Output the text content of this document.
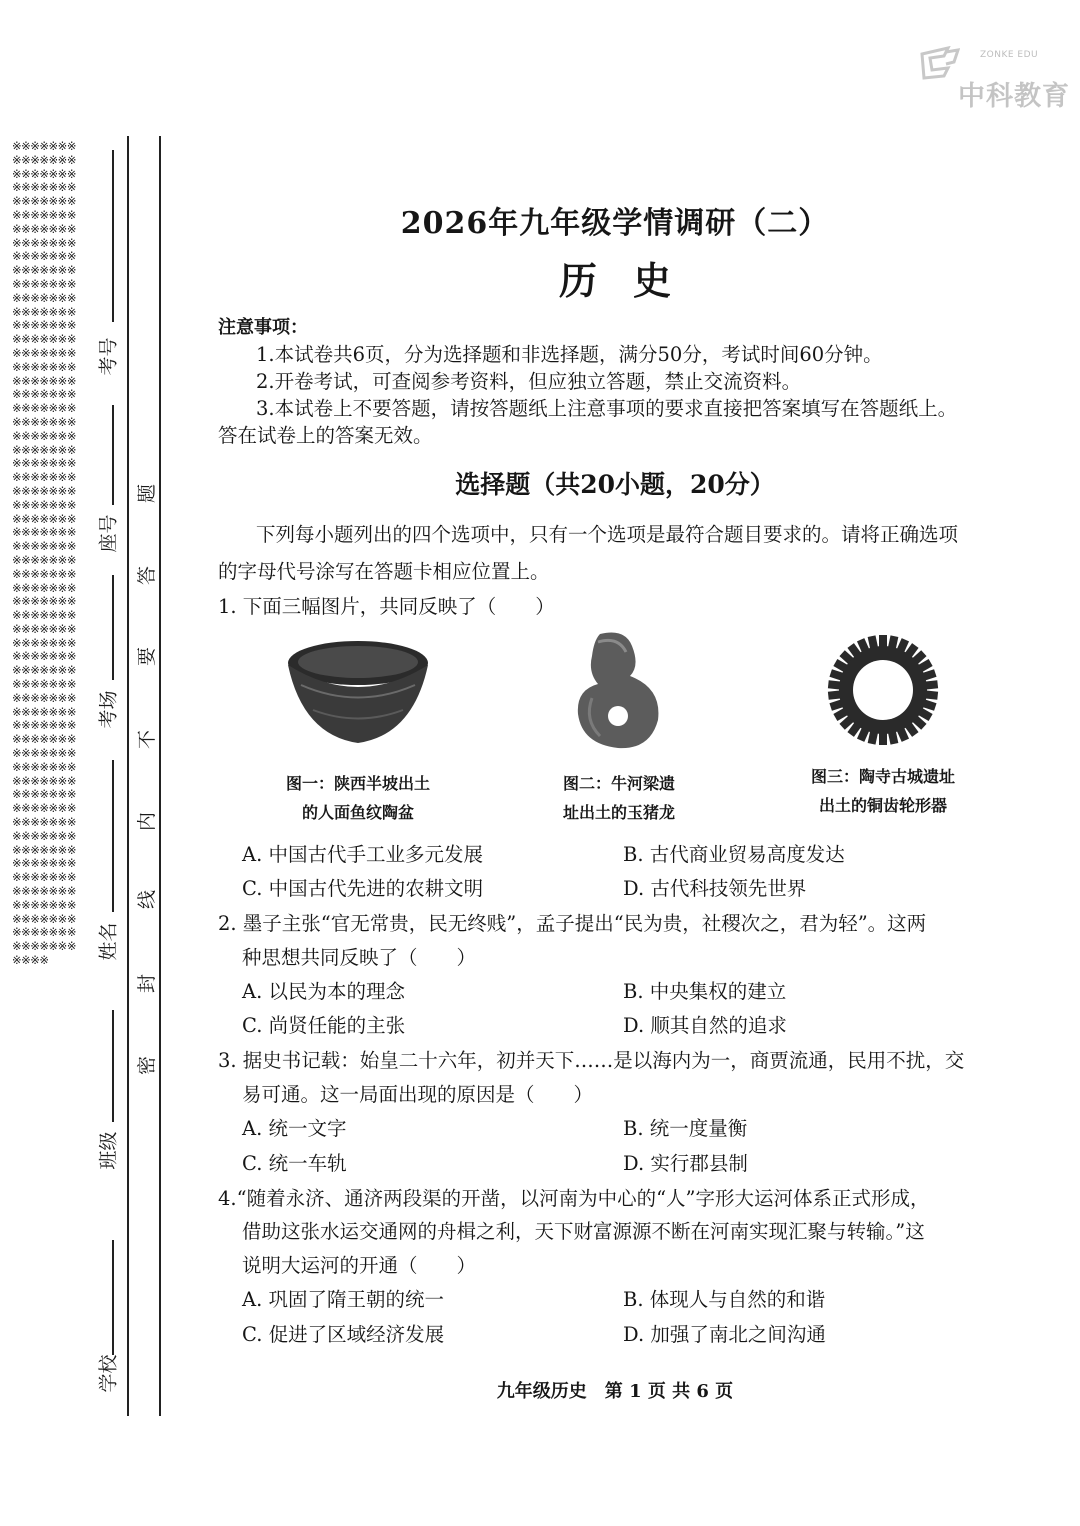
ZONKE EDU
中科教育
※※※※※※※※※※※※※※※※※※※※※※※※※※※※※※※※※※※※※※※※※※※※※※※※※※※※※※※※※※※※※※※※※※※※※※※※※※※※※※※※※※※※※※※※※※※※※※※※※※※※※※※※※※※※※※※※※※※※※※※※※※※※※※※※※※※※※※※※※※※※※※※※※※※※※※※※※※※※※※※※※※※※※※※※※※※※※※※※※※※※※※※※※※※※※※※※※※※※※※※※※※※※※※※※※※※※※※※※※※※※※※※※※※※※※※※※※※※※※※※※※※※※※※※※※※※※※※※※※※※※※※※※※※※※※※※※※※※※※※※※※※※※※※※※※※※※※※※※※※※※※※※※※※※※※※※※※※※※※※※※※※※※※※※※※※※※※※※※※※※※※※※※※※※※※※※※※※※※※※※※※※※※※※※※※※※※※※※※※※※※※※※※※※※※※※※※※※※※※※※※※※※※※※※※※※※※※※※※※
考号
座号
考场
姓名
班级
学校
题
答
要
不
内
线
封
密
2026年九年级学情调研（二）
历史
注意事项：
1.本试卷共6页，分为选择题和非选择题，满分50分，考试时间60分钟。
2.开卷考试，可查阅参考资料，但应独立答题，禁止交流资料。
3.本试卷上不要答题，请按答题纸上注意事项的要求直接把答案填写在答题纸上。
答在试卷上的答案无效。
选择题（共20小题，20分）
下列每小题列出的四个选项中，只有一个选项是最符合题目要求的。请将正确选项
的字母代号涂写在答题卡相应位置上。
1. 下面三幅图片，共同反映了（　　）
图一：陕西半坡出土
的人面鱼纹陶盆
图二：牛河梁遗
址出土的玉猪龙
图三：陶寺古城遗址
出土的铜齿轮形器
A. 中国古代手工业多元发展	B. 古代商业贸易高度发达
C. 中国古代先进的农耕文明	D. 古代科技领先世界
2. 墨子主张“官无常贵，民无终贱”，孟子提出“民为贵，社稷次之，君为轻”。这两
种思想共同反映了（　　）
A. 以民为本的理念	B. 中央集权的建立
C. 尚贤任能的主张	D. 顺其自然的追求
3. 据史书记载：始皇二十六年，初并天下……是以海内为一，商贾流通，民用不扰，交
易可通。这一局面出现的原因是（　　）
A. 统一文字	B. 统一度量衡
C. 统一车轨	D. 实行郡县制
4.“随着永济、通济两段渠的开凿，以河南为中心的“人”字形大运河体系正式形成，
借助这张水运交通网的舟楫之利，天下财富源源不断在河南实现汇聚与转输。”这
说明大运河的开通（　　）
A. 巩固了隋王朝的统一	B. 体现人与自然的和谐
C. 促进了区域经济发展	D. 加强了南北之间沟通
九年级历史　第 1 页 共 6 页
